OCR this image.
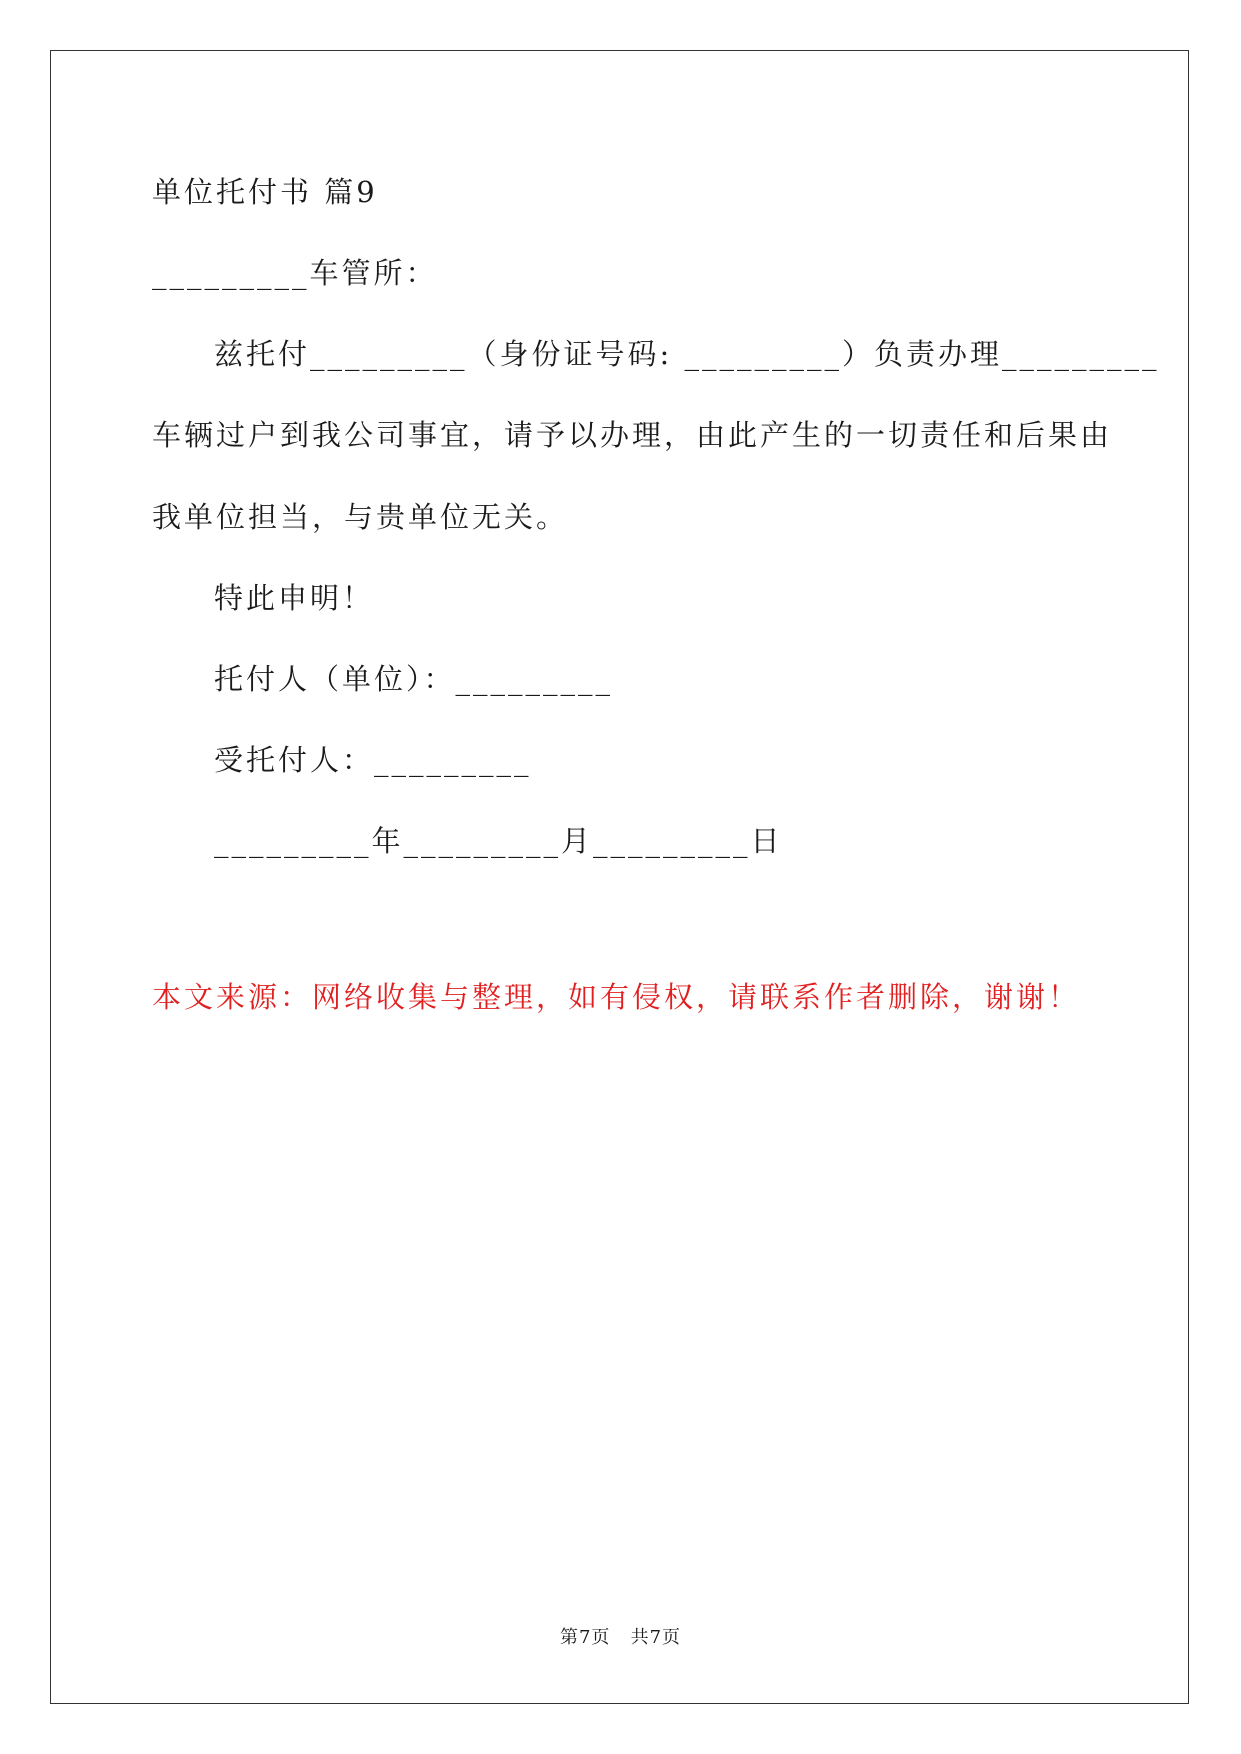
单位托付书 篇9
_________车管所：
兹托付_________（身份证号码: _________）负责办理_________
车辆过户到我公司事宜，请予以办理，由此产生的一切责任和后果由
我单位担当，与贵单位无关。
特此申明！
托付人（单位）：_________
受托付人：_________
_________年_________月_________日
本文来源：网络收集与整理，如有侵权，请联系作者删除，谢谢！
第7页   共7页
